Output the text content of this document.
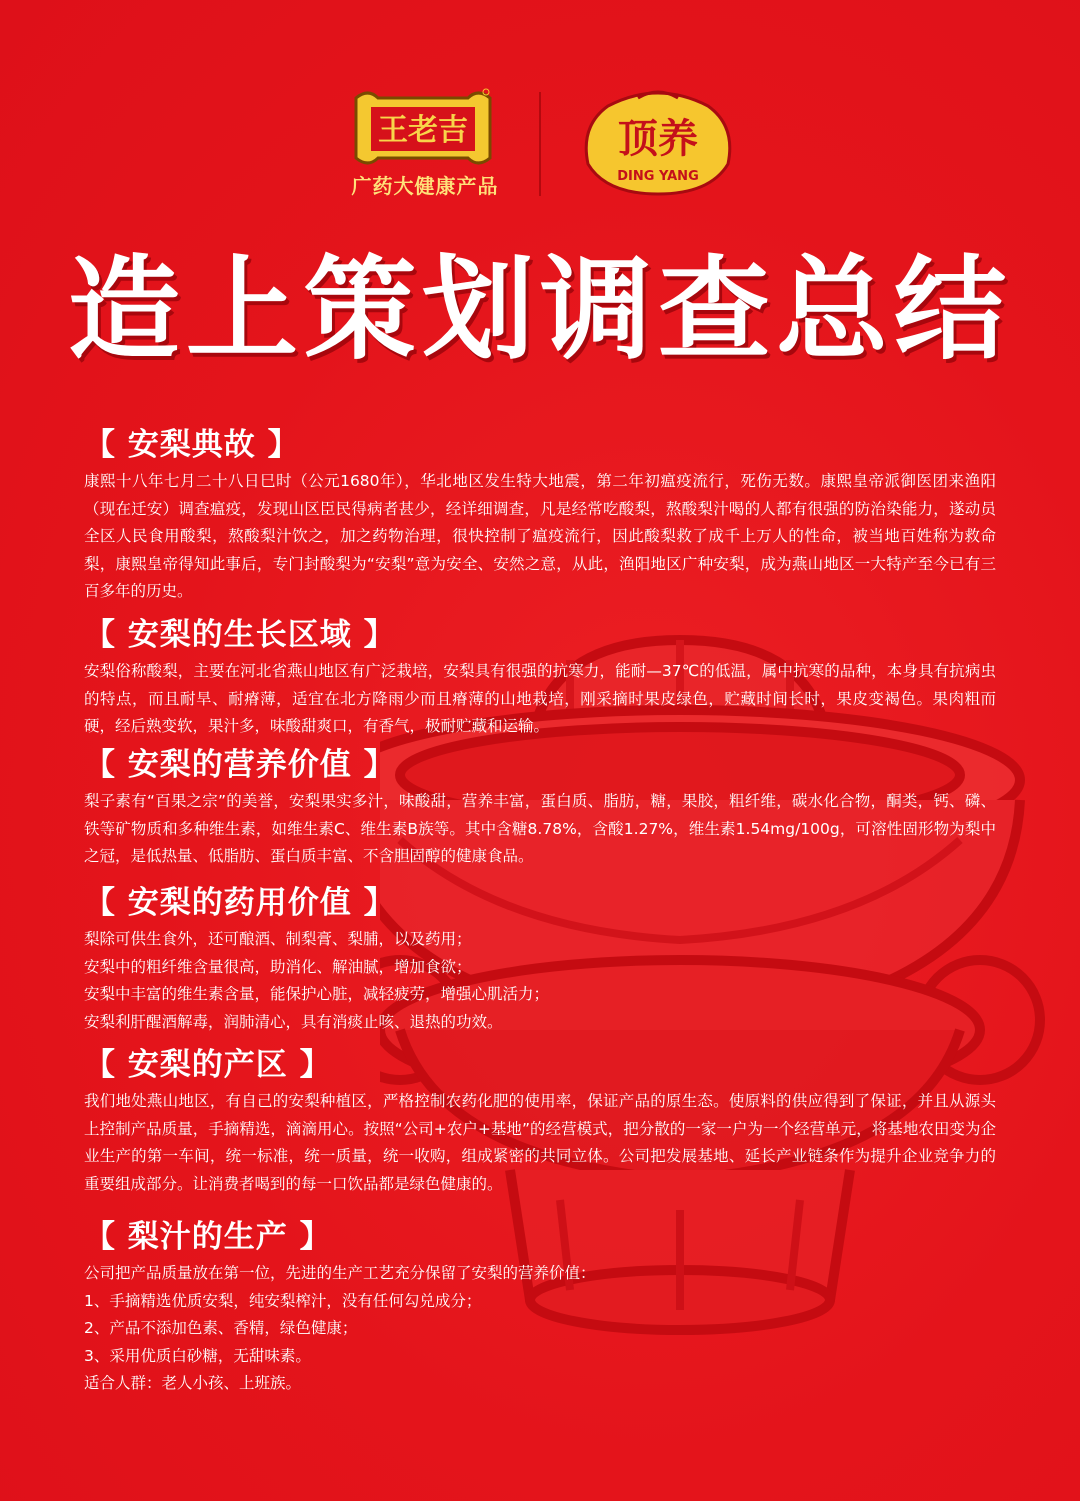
王老吉
广药大健康产品
顶养
DING YANG
造上策划调查总结
【 安梨典故 】

康熙十八年七月二十八日巳时（公元1680年），华北地区发生特大地震，第二年初瘟疫流行，死伤无数。康熙皇帝派御医团来渔阳（现在迁安）调查瘟疫，发现山区臣民得病者甚少，经详细调查，凡是经常吃酸梨，熬酸梨汁喝的人都有很强的防治染能力，遂动员全区人民食用酸梨，熬酸梨汁饮之，加之药物治理，很快控制了瘟疫流行，因此酸梨救了成千上万人的性命，被当地百姓称为救命梨，康熙皇帝得知此事后，专门封酸梨为“安梨”意为安全、安然之意，从此，渔阳地区广种安梨，成为燕山地区一大特产至今已有三百多年的历史。

【 安梨的生长区域 】

安梨俗称酸梨，主要在河北省燕山地区有广泛栽培，安梨具有很强的抗寒力，能耐—37℃的低温，属中抗寒的品种，本身具有抗病虫的特点，而且耐旱、耐瘠薄，适宜在北方降雨少而且瘠薄的山地栽培，刚采摘时果皮绿色，贮藏时间长时，果皮变褐色。果肉粗而硬，经后熟变软，果汁多，味酸甜爽口，有香气，极耐贮藏和运输。

【 安梨的营养价值 】

梨子素有“百果之宗”的美誉，安梨果实多汁，味酸甜，营养丰富，蛋白质、脂肪，糖，果胶，粗纤维，碳水化合物，酮类，钙、磷、铁等矿物质和多种维生素，如维生素C、维生素B族等。其中含糖8.78%，含酸1.27%，维生素1.54mg/100g，可溶性固形物为梨中之冠，是低热量、低脂肪、蛋白质丰富、不含胆固醇的健康食品。

【 安梨的药用价值 】

梨除可供生食外，还可酿酒、制梨膏、梨脯，以及药用；

安梨中的粗纤维含量很高，助消化、解油腻，增加食欲；

安梨中丰富的维生素含量，能保护心脏，减轻疲劳，增强心肌活力；

安梨利肝醒酒解毒，润肺清心，具有消痰止咳、退热的功效。

【 安梨的产区 】

我们地处燕山地区，有自己的安梨种植区，严格控制农药化肥的使用率，保证产品的原生态。使原料的供应得到了保证，并且从源头上控制产品质量，手摘精选，滴滴用心。按照“公司+农户+基地”的经营模式，把分散的一家一户为一个经营单元，将基地农田变为企业生产的第一车间，统一标准，统一质量，统一收购，组成紧密的共同立体。公司把发展基地、延长产业链条作为提升企业竞争力的重要组成部分。让消费者喝到的每一口饮品都是绿色健康的。

【 梨汁的生产 】

公司把产品质量放在第一位，先进的生产工艺充分保留了安梨的营养价值：

1、手摘精选优质安梨，纯安梨榨汁，没有任何勾兑成分；

2、产品不添加色素、香精，绿色健康；

3、采用优质白砂糖，无甜味素。

适合人群：老人小孩、上班族。
